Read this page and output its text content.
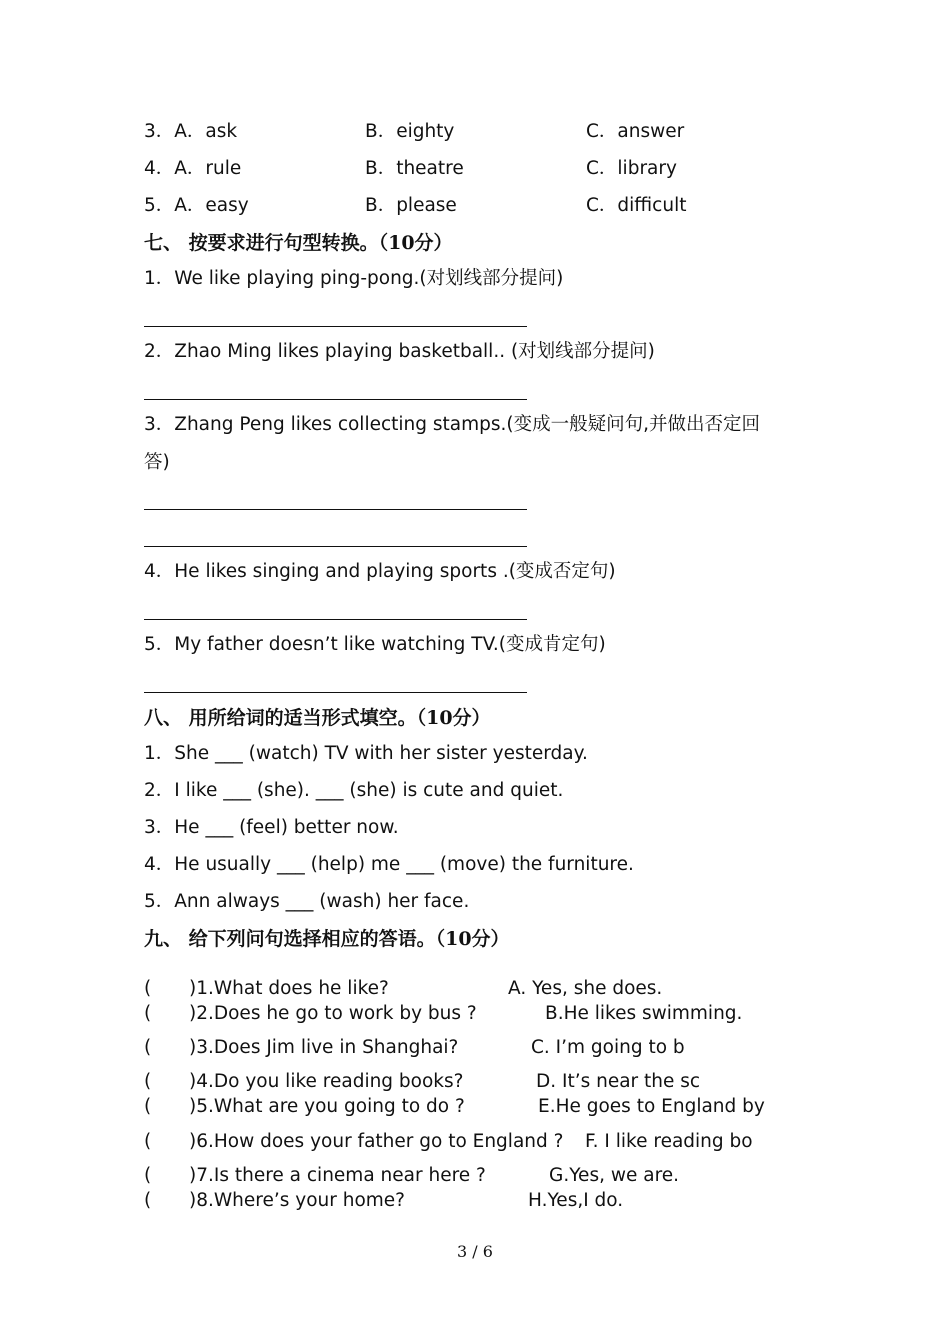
3．A．ask	B．eighty	C．answer
4．A．rule	B．theatre	C．library
5．A．easy	B．please	C．difficult
七、 按要求进行句型转换。（10分）
1．We like playing ping-pong.(对划线部分提问)
2．Zhao Ming likes playing basketball.. (对划线部分提问)
3．Zhang Peng likes collecting stamps.(变成一般疑问句,并做出否定回
答)
4．He likes singing and playing sports .(变成否定句)
5．My father doesn’t like watching TV.(变成肯定句)
八、 用所给词的适当形式填空。（10分）
1．She ___ (watch) TV with her sister yesterday.
2．I like ___ (she). ___ (she) is cute and quiet.
3．He ___ (feel) better now.
4．He usually ___ (help) me ___ (move) the furniture.
5．Ann always ___ (wash) her face.
九、 给下列问句选择相应的答语。（10分）
( )1.What does he like?	A. Yes, she does.
( )2.Does he go to work by bus ?	B.He likes swimming.
( )3.Does Jim live in Shanghai?	C. I’m going to b
( )4.Do you like reading books?	D. It’s near the sc
( )5.What are you going to do ?	E.He goes to England by
( )6.How does your father go to England ? F. I like reading bo
( )7.Is there a cinema near here ?	G.Yes, we are.
( )8.Where’s your home?	H.Yes,I do.
3 / 6
